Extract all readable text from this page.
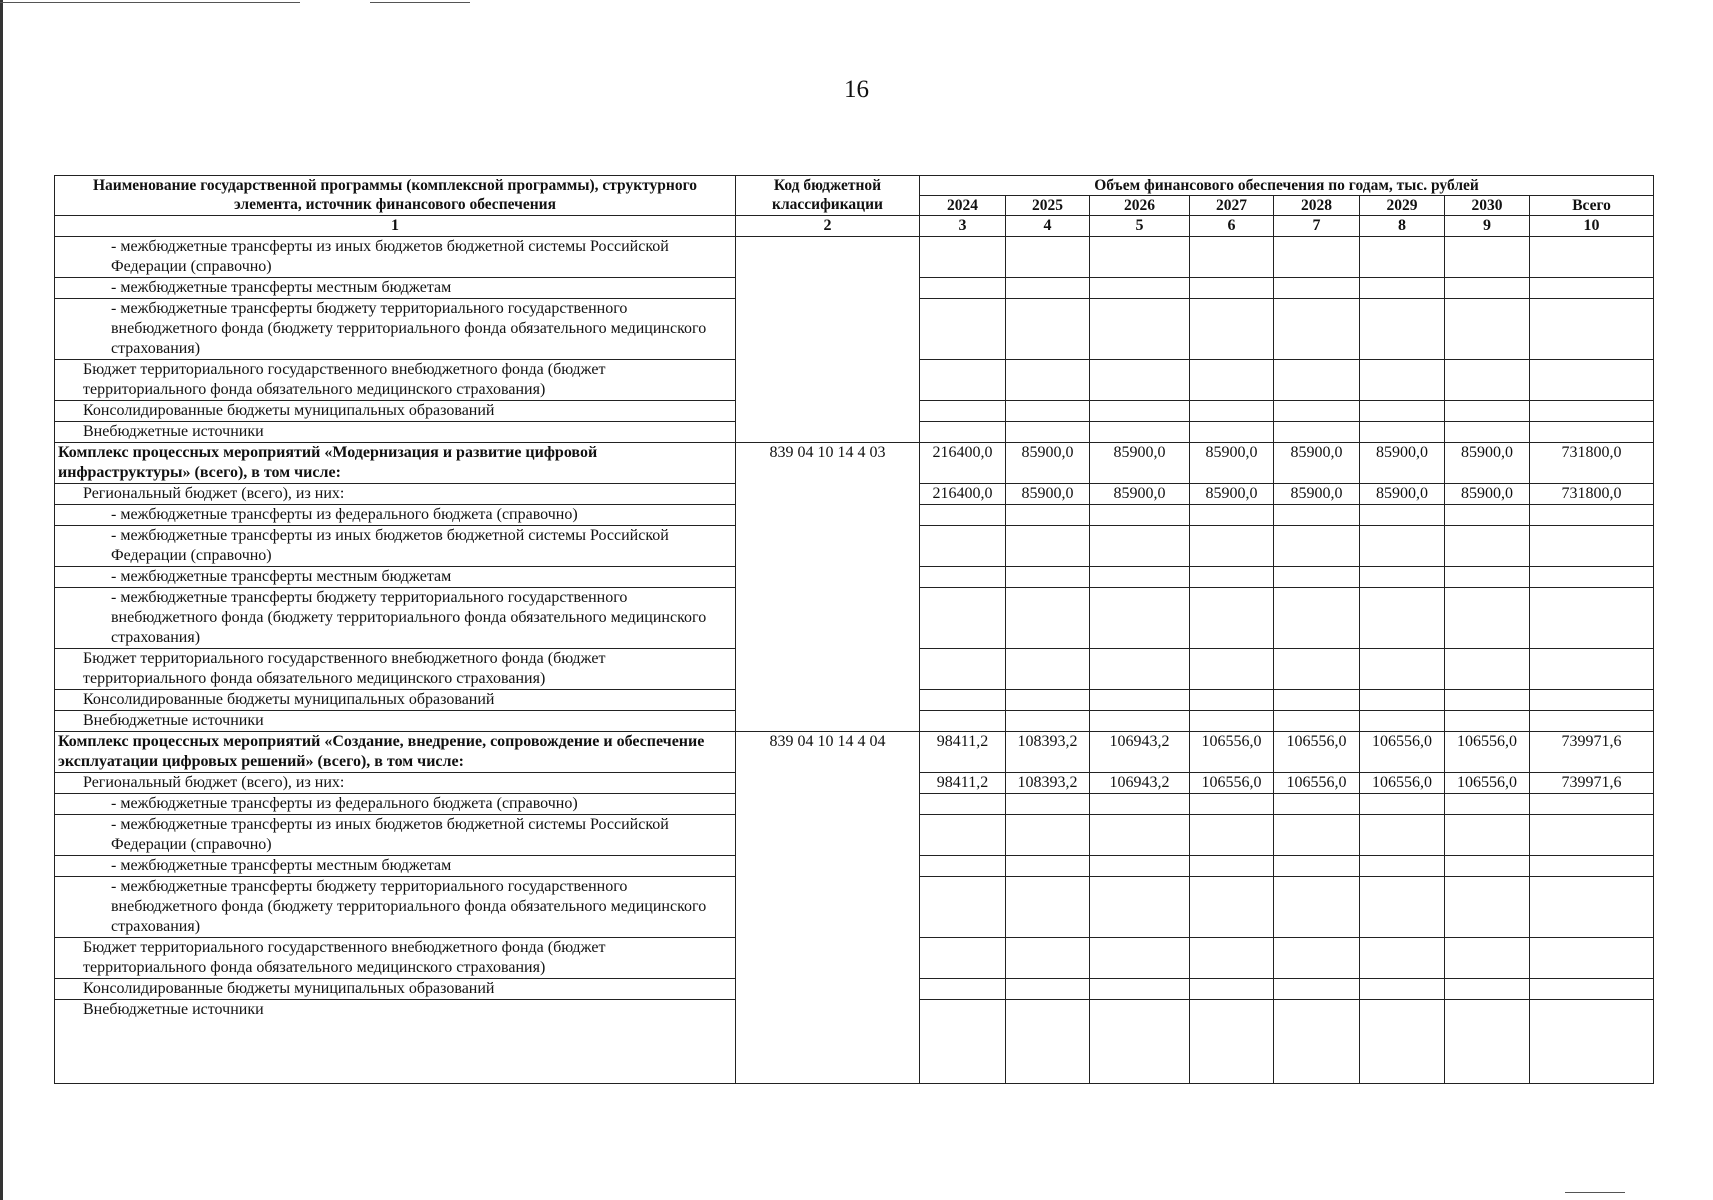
16
Наименование государственной программы (комплексной программы), структурного элемента, источник финансового обеспечения	Код бюджетной классификации	Объем финансового обеспечения по годам, тыс. рублей							
		2024	2025	2026	2027	2028	2029	2030	Всего
1	2	3	4	5	6	7	8	9	10
- межбюджетные трансферты из иных бюджетов бюджетной системы Российской Федерации (справочно)									
- межбюджетные трансферты местным бюджетам									
- межбюджетные трансферты бюджету территориального государственного внебюджетного фонда (бюджету территориального фонда обязательного медицинского страхования)									
Бюджет территориального государственного внебюджетного фонда (бюджет территориального фонда обязательного медицинского страхования)									
Консолидированные бюджеты муниципальных образований									
Внебюджетные источники									
Комплекс процессных мероприятий «Модернизация и развитие цифровой инфраструктуры» (всего), в том числе:	839 04 10 14 4 03	216400,0	85900,0	85900,0	85900,0	85900,0	85900,0	85900,0	731800,0
Региональный бюджет (всего), из них:		216400,0	85900,0	85900,0	85900,0	85900,0	85900,0	85900,0	731800,0
- межбюджетные трансферты из федерального бюджета (справочно)									
- межбюджетные трансферты из иных бюджетов бюджетной системы Российской Федерации (справочно)									
- межбюджетные трансферты местным бюджетам									
- межбюджетные трансферты бюджету территориального государственного внебюджетного фонда (бюджету территориального фонда обязательного медицинского страхования)									
Бюджет территориального государственного внебюджетного фонда (бюджет территориального фонда обязательного медицинского страхования)									
Консолидированные бюджеты муниципальных образований									
Внебюджетные источники									
Комплекс процессных мероприятий «Создание, внедрение, сопровождение и обеспечение эксплуатации цифровых решений» (всего), в том числе:	839 04 10 14 4 04	98411,2	108393,2	106943,2	106556,0	106556,0	106556,0	106556,0	739971,6
Региональный бюджет (всего), из них:		98411,2	108393,2	106943,2	106556,0	106556,0	106556,0	106556,0	739971,6
- межбюджетные трансферты из федерального бюджета (справочно)									
- межбюджетные трансферты из иных бюджетов бюджетной системы Российской Федерации (справочно)									
- межбюджетные трансферты местным бюджетам									
- межбюджетные трансферты бюджету территориального государственного внебюджетного фонда (бюджету территориального фонда обязательного медицинского страхования)									
Бюджет территориального государственного внебюджетного фонда (бюджет территориального фонда обязательного медицинского страхования)									
Консолидированные бюджеты муниципальных образований									
Внебюджетные источники									
